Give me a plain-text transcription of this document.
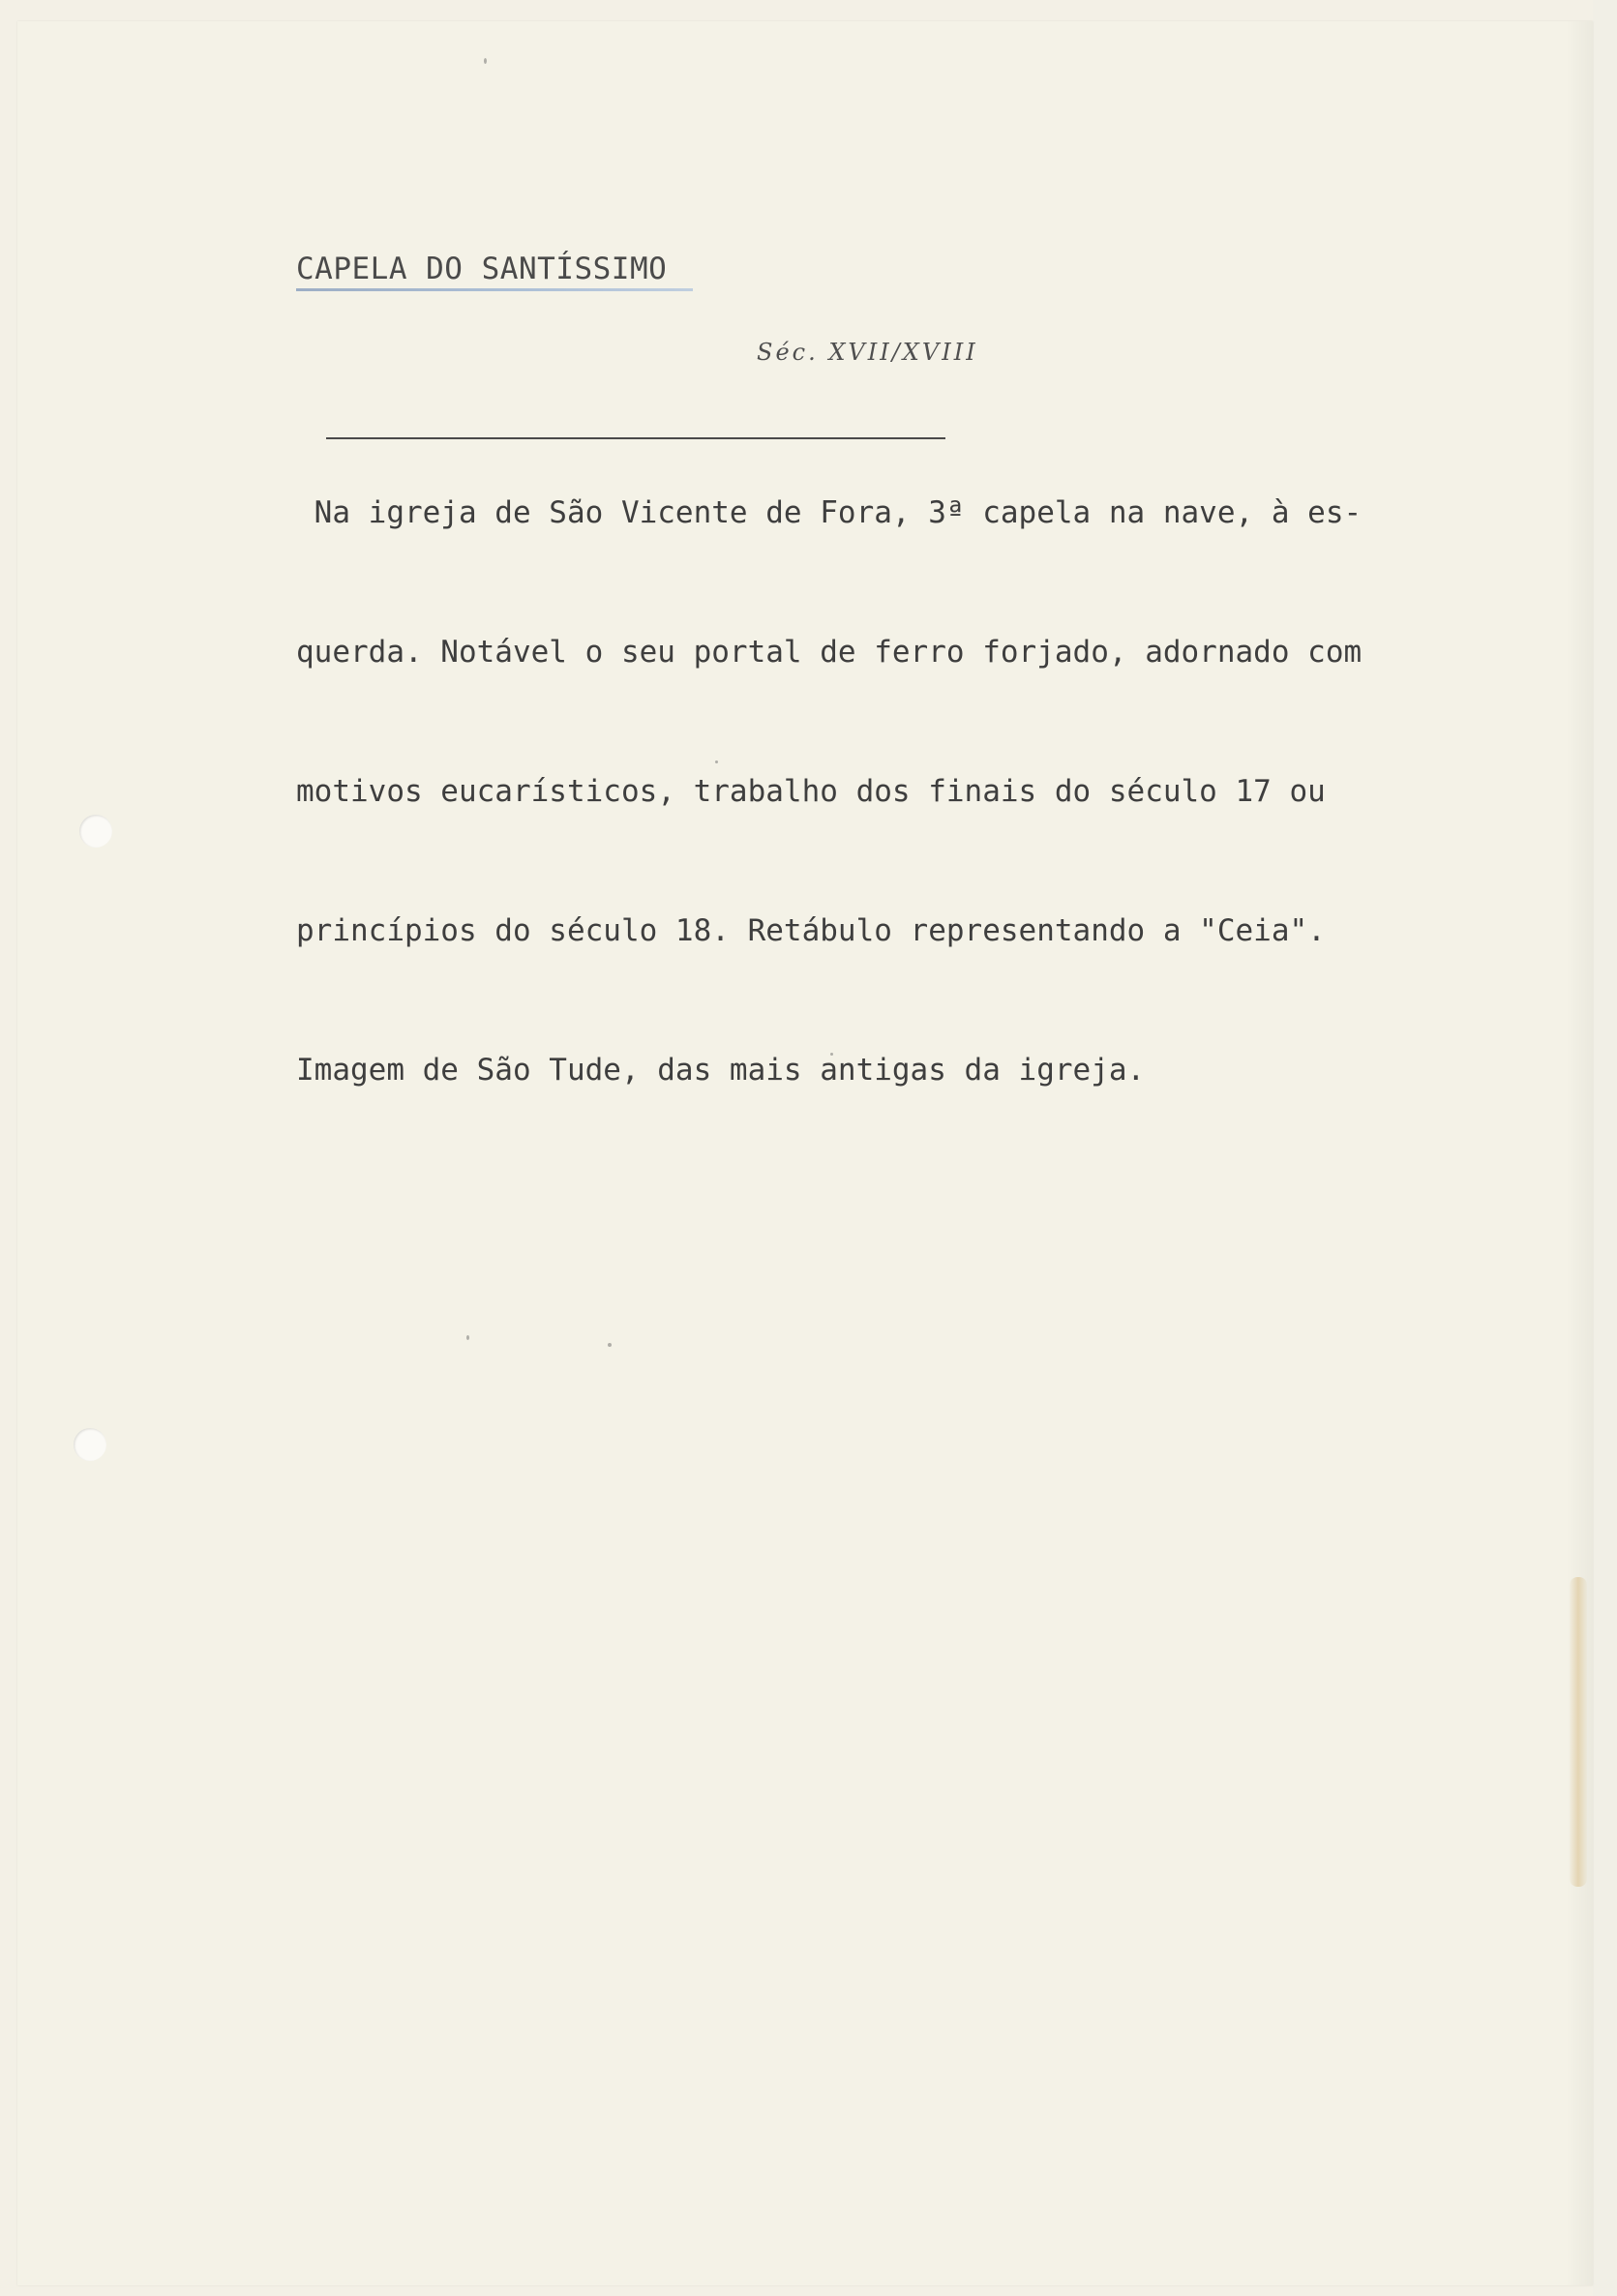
CAPELA DO SANTÍSSIMO
Séc. XVII/XVIII

Na igreja de São Vicente de Fora, 3ª capela na nave, à es-

querda. Notável o seu portal de ferro forjado, adornado com

motivos eucarísticos, trabalho dos finais do século 17 ou

princípios do século 18. Retábulo representando a "Ceia".

Imagem de São Tude, das mais antigas da igreja.
